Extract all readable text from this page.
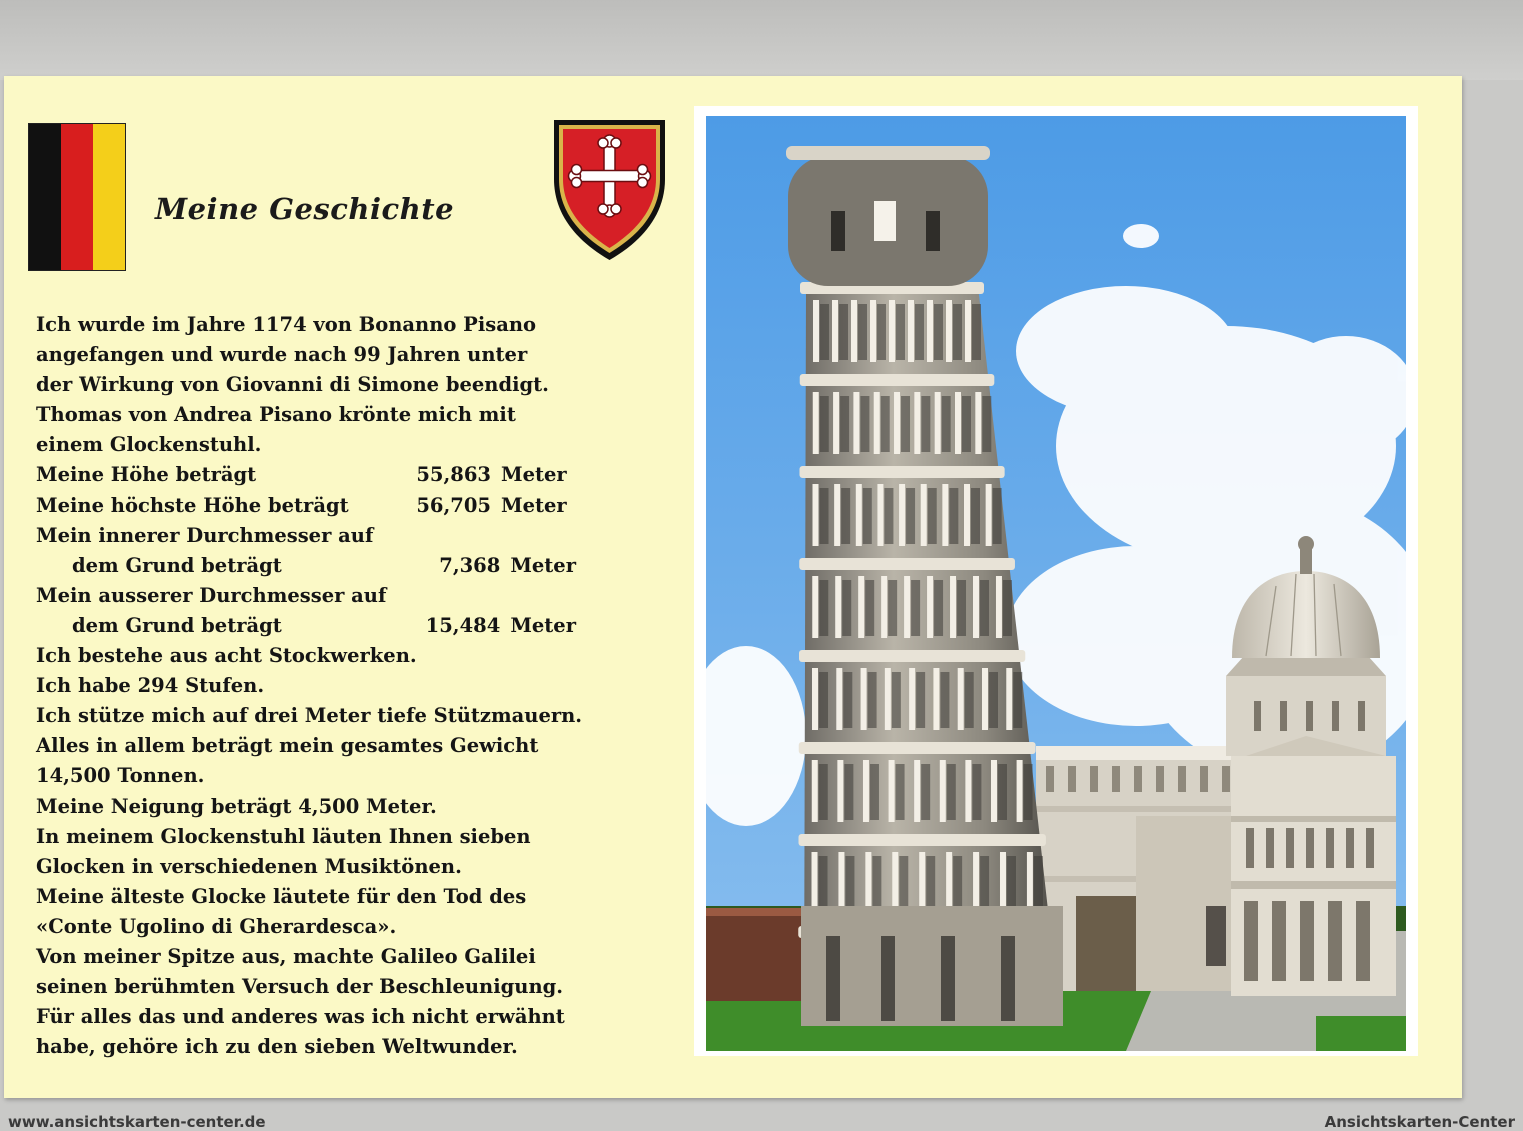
Meine Geschichte
Ich wurde im Jahre 1174 von Bonanno Pisano
angefangen und wurde nach 99 Jahren unter
der Wirkung von Giovanni di Simone beendigt.
Thomas von Andrea Pisano krönte mich mit
einem Glockenstuhl.
Meine Höhe beträgt	55,863 Meter
Meine höchste Höhe beträgt	56,705 Meter
Mein innerer Durchmesser auf
dem Grund beträgt	7,368 Meter
Mein ausserer Durchmesser auf
dem Grund beträgt	15,484 Meter
Ich bestehe aus acht Stockwerken.
Ich habe 294 Stufen.
Ich stütze mich auf drei Meter tiefe Stützmauern.
Alles in allem beträgt mein gesamtes Gewicht
14,500 Tonnen.
Meine Neigung beträgt 4,500 Meter.
In meinem Glockenstuhl läuten Ihnen sieben
Glocken in verschiedenen Musiktönen.
Meine älteste Glocke läutete für den Tod des
«Conte Ugolino di Gherardesca».
Von meiner Spitze aus, machte Galileo Galilei
seinen berühmten Versuch der Beschleunigung.
Für alles das und anderes was ich nicht erwähnt
habe, gehöre ich zu den sieben Weltwunder.
www.ansichtskarten-center.de	Ansichtskarten-Center
